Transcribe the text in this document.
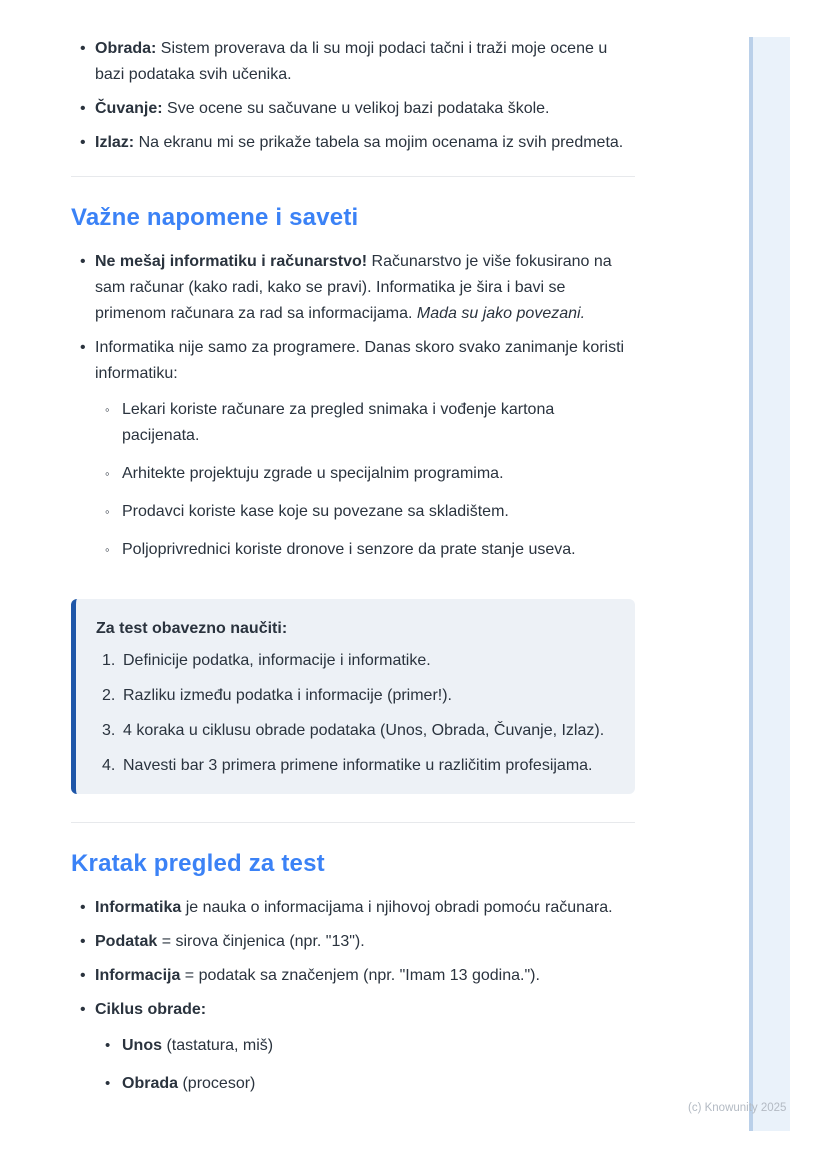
• Obrada: Sistem proverava da li su moji podaci tačni i traži moje ocene u bazi podataka svih učenika.
• Čuvanje: Sve ocene su sačuvane u velikoj bazi podataka škole.
• Izlaz: Na ekranu mi se prikaže tabela sa mojim ocenama iz svih predmeta.
Važne napomene i saveti
• Ne mešaj informatiku i računarstvo! Računarstvo je više fokusirano na sam računar (kako radi, kako se pravi). Informatika je šira i bavi se primenom računara za rad sa informacijama. Mada su jako povezani.
• Informatika nije samo za programere. Danas skoro svako zanimanje koristi informatiku:
◦ Lekari koriste računare za pregled snimaka i vođenje kartona pacijenata.
◦ Arhitekte projektuju zgrade u specijalnim programima.
◦ Prodavci koriste kase koje su povezane sa skladištem.
◦ Poljoprivrednici koriste dronove i senzore da prate stanje useva.
Za test obavezno naučiti:
1. Definicije podatka, informacije i informatike.
2. Razliku između podatka i informacije (primer!).
3. 4 koraka u ciklusu obrade podataka (Unos, Obrada, Čuvanje, Izlaz).
4. Navesti bar 3 primera primene informatike u različitim profesijama.
Kratak pregled za test
• Informatika je nauka o informacijama i njihovoj obradi pomoću računara.
• Podatak = sirova činjenica (npr. "13").
• Informacija = podatak sa značenjem (npr. "Imam 13 godina.").
• Ciklus obrade:
• Unos (tastatura, miš)
• Obrada (procesor)
(c) Knowunity 2025
